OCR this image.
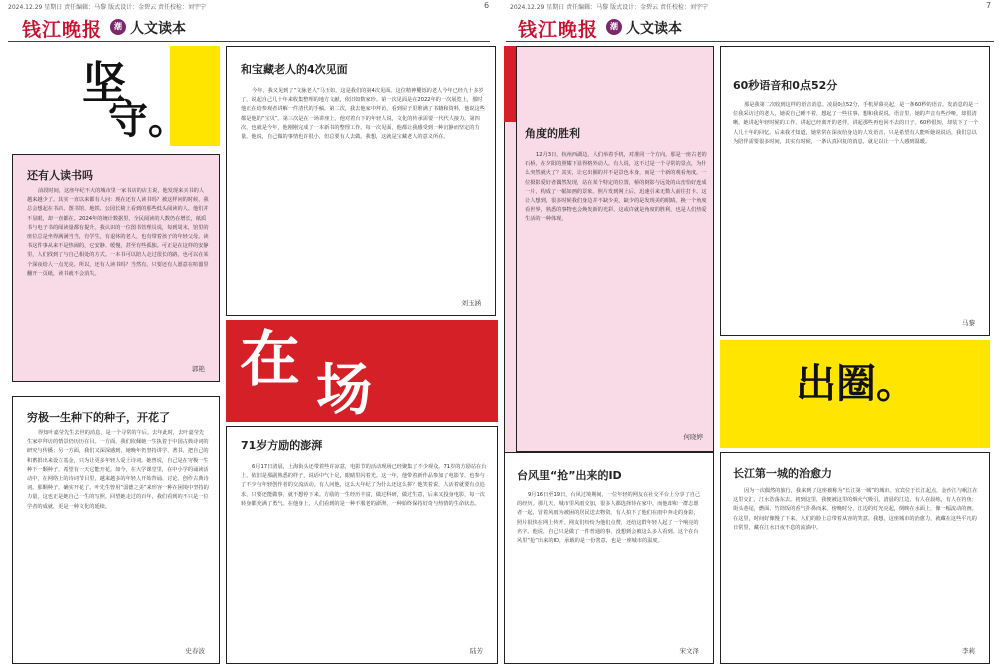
2024.12.29 星期日 责任编辑：马黎 版式设计：金碧云 责任校检：刘宇宁	6
钱江晚报	潮 人文读本
坚
守。
还有人读书吗
前段时间，这座年纪不大的城市里一家书店的店主说，他发现来买书的人越来越少了。其实一直以来都有人问：现在还有人读书吗？被这样问的时候，我总会想起在书店、图书馆、地铁、公园长椅上看到的那些低头阅读的人。他们并不显眼，却一直都在。2024年的统计数据里，全民阅读的人数仍在增长，纸质书与电子书的阅读量都有提升。我认识的一位图书管理员说，每到周末，馆里的座位总是坐得满满当当，有学生，有退休的老人，也有带着孩子的年轻父母。读书这件事从来不是热闹的，它安静、缓慢，甚至有些孤独。可正是在这样的安静里，人们找到了与自己相处的方式。一本书可以陪人走过很长的路，也可以在某个深夜给人一点光亮。所以，还有人读书吗？当然有。只要还有人愿意在喧嚣里翻开一页纸，读书就不会消失。
郭艳
穷极一生种下的种子，开花了
得知叶嘉莹先生去世的消息，是一个寻常的午后。去年此时，去叶嘉莹先生家中拜访的情景仍历历在目。一方面，我们钦佩她一生执着于中国古典诗词的研究与传播；另一方面，我们又深深感到，她晚年仍坚持讲学、著书，把自己的积蓄捐出来设立基金，只为让更多年轻人爱上诗词。她曾说，自己是在穷极一生种下一颗种子，希望有一天它能开花。如今，在大学课堂里，在中小学的诵读活动中，在网络上的诗词节目里，越来越多的年轻人开始背诵、讨论、创作古典诗词。那颗种子，确实开花了。叶先生曾用“弱德之美”来形容一种在困境中坚持的力量，这也正是她自己一生的写照。回望她走过的百年，我们看到的不只是一位学者的成就，更是一种文化的延续。
史春波
和宝藏老人的4次见面
今年，我又见到了“文脉老人”马玉如。这是我们的第4次见面。这位精神矍铄的老人今年已经九十多岁了，说起自己几十年来收集整理的地方文献，依旧如数家珍。第一次见面是在2022年的一次展览上，那时他正在给参观者讲解一件清代的手稿。第二次，我去他家中拜访，看到屋子里堆满了书籍和资料，他说这些都是他的“宝贝”。第三次是在一场讲座上，他对着台下的年轻人说，文化的传承需要一代代人接力。第四次，也就是今年，他刚刚完成了一本新书的整理工作。每一次见面，他都让我感受到一种沉静而坚定的力量。他说，自己做的事情也许很小，但总要有人去做。我想，这就是宝藏老人的意义所在。
刘玉涵
在 场
71岁方励的澎湃
6月17日清晨，上海街头还带着些许凉意，电影节的活动现场已经聚集了不少观众。71岁的方励站在台上，依旧是那副熟悉的样子，说话中气十足，眼睛里闪着光。这一年，他带着新作品参加了电影节，也参与了不少与年轻创作者的交流活动。有人问他，这么大年纪了为什么还这么拼？他笑着说，人活着就要有点追求，只要还能做事，就不想停下来。方励的一生经历丰富，做过科研，做过生意，后来又投身电影，每一次转身都充满了勇气。在他身上，人们看到的是一种不服老的澎湃，一种始终保持好奇与热情的生命状态。
陆芳
2024.12.29 星期日 责任编辑：马黎 版式设计：金碧云 责任校检：刘宇宁	7
钱江晚报	潮 人文读本
角度的胜利
12月3日，杭州西湖边，人们举着手机，对准同一个方向。那是一座古老的石桥，在夕阳的照耀下显得格外动人。有人说，这不过是一个寻常的景点，为什么突然就火了？其实，让它出圈的并不是景色本身，而是一个新的观看角度。一位摄影爱好者偶然发现，站在某个特定的位置，桥的倒影与远处的山峦恰好连成一片，构成了一幅如画的景象。照片发到网上后，迅速引来无数人前往打卡。这让人想到，很多时候我们身边并不缺少美，缺少的是发现美的眼睛。换一个角度看世界，熟悉的事物也会焕发新的光彩。这或许就是角度的胜利，也是人们热爱生活的一种体现。
何晓婷
台风里“抢”出来的ID
9月16日至19日，台风过境期间，一位年轻的网友在社交平台上分享了自己的经历。那几天，城市里风雨交加，很多人都选择待在家中。而他却和一群志愿者一起，冒着风雨为被困的居民送去物资。有人拍下了他们在雨中奔走的身影，照片很快在网上传开。网友们纷纷为他们点赞，还给这群年轻人起了一个响亮的名字。他说，自己只是做了一件普通的事，没想到会被这么多人看到。这个在台风里“抢”出来的ID，承载的是一份善意，也是一座城市的温度。
宋文泽
60秒语音和0点52分
那是我第二次收到这样的语音消息。凌晨0点52分，手机屏幕亮起，是一条60秒的语音。发消息的是一位我采访过的老人，她说自己睡不着，想起了一些往事，想和我说说。语音里，她的声音有些沙哑，却很清晰。她讲起年轻时候的工作，讲起已经离开的老伴，讲起那些再也回不去的日子。60秒很短，却装下了一个人几十年的回忆。后来我才知道，她常常在深夜给身边的人发语音，只是希望有人能听她说说话。我们总以为陪伴需要很多时间，其实有时候，一条认真回复的消息，就足以让一个人感到温暖。
马黎
出圈。
长江第一城的治愈力
因为一次偶然的旅行，我来到了这座被称为“长江第一城”的城市。宜宾位于长江起点，金沙江与岷江在这里交汇，江水浩荡东去。初到这里，我便被这里的烟火气吸引。清晨的江边，有人在晨练，有人在钓鱼；街头巷尾，燃面、竹筒饭的香气扑鼻而来。傍晚时分，江边的灯光亮起，倒映在水面上，像一幅流动的画。在这里，时间好像慢了下来，人们的脸上总带着从容的笑意。我想，这座城市的治愈力，就藏在这些平凡的日常里，藏在江水日夜不息的流淌中。
李莉
